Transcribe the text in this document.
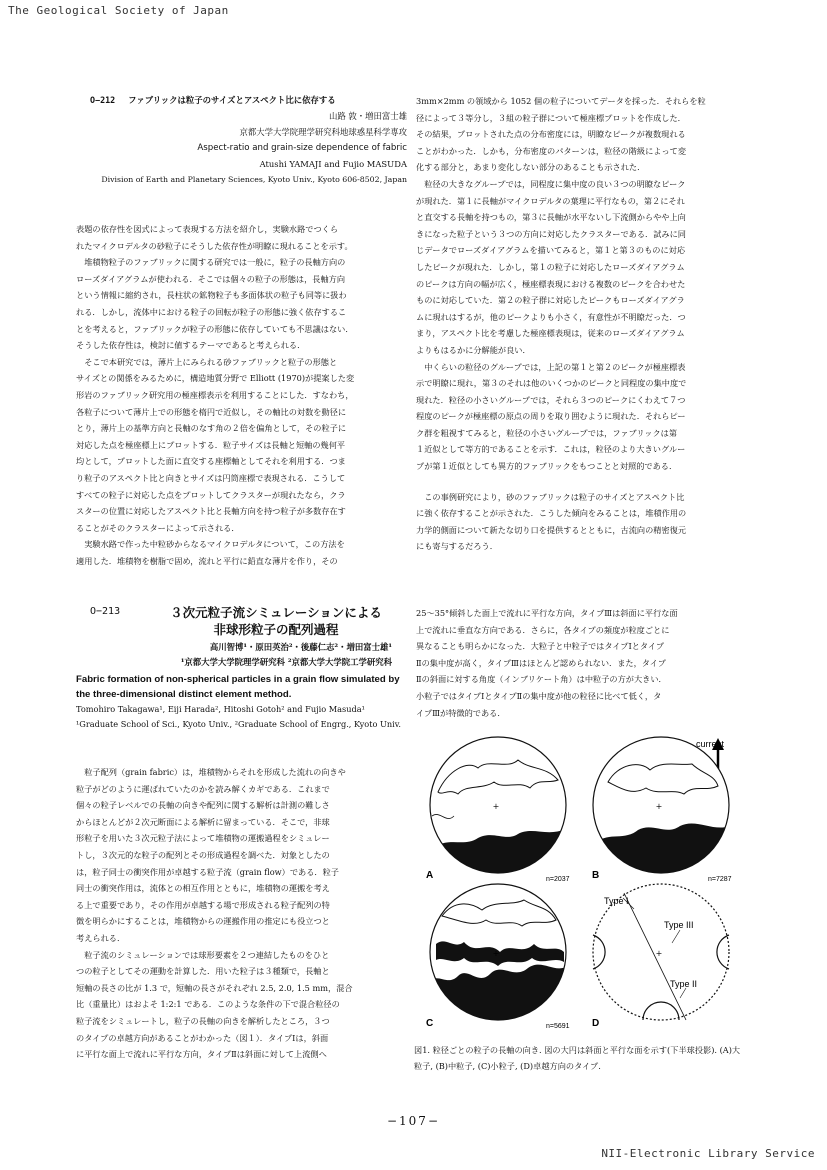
The Geological Society of Japan
O−212 ファブリックは粒子のサイズとアスペクト比に依存する
山路 敦・増田富士雄
京都大学大学院理学研究科地球惑星科学専攻
Aspect-ratio and grain-size dependence of fabric
Atushi YAMAJI and Fujio MASUDA
Division of Earth and Planetary Sciences, Kyoto Univ., Kyoto 606-8502, Japan

表題の依存性を図式によって表現する方法を紹介し，実験水路でつくら

れたマイクロデルタの砂粒子にそうした依存性が明瞭に現れることを示す。

　堆積物粒子のファブリックに関する研究では一般に，粒子の長軸方向の

ローズダイアグラムが使われる．そこでは個々の粒子の形態は，長軸方向

という情報に縮約され，長柱状の鉱物粒子も多面体状の粒子も同等に扱わ

れる．しかし，流体中における粒子の回転が粒子の形態に強く依存するこ

とを考えると，ファブリックが粒子の形態に依存していても不思議はない．

そうした依存性は，検討に値するテーマであると考えられる．

　そこで本研究では，薄片上にみられる砂ファブリックと粒子の形態と

サイズとの関係をみるために，構造地質分野で Elliott (1970)が提案した変

形岩のファブリック研究用の極座標表示を利用することにした．すなわち，

各粒子について薄片上での形態を楕円で近似し，その軸比の対数を動径に

とり，薄片上の基準方向と長軸のなす角の２倍を偏角として，その粒子に

対応した点を極座標上にプロットする．粒子サイズは長軸と短軸の幾何平

均として，プロットした面に直交する座標軸としてそれを利用する．つま

り粒子のアスペクト比と向きとサイズは円筒座標で表現される．こうして

すべての粒子に対応した点をプロットしてクラスターが現れたなら，クラ

スターの位置に対応したアスペクト比と長軸方向を持つ粒子が多数存在す

ることがそのクラスターによって示される．

　実験水路で作った中粒砂からなるマイクロデルタについて，この方法を

適用した．堆積物を樹脂で固め，流れと平行に鉛直な薄片を作り，その

3mm×2mm の領域から 1052 個の粒子についてデータを採った．それらを粒

径によって３等分し，３組の粒子群について極座標プロットを作成した．

その結果，プロットされた点の分布密度には，明瞭なピークが複数現れる

ことがわかった．しかも，分布密度のパターンは，粒径の階級によって変

化する部分と，あまり変化しない部分のあることも示された．

　粒径の大きなグループでは，同程度に集中度の良い３つの明瞭なピーク

が現れた．第１に長軸がマイクロデルタの葉理に平行なもの，第２にそれ

と直交する長軸を持つもの，第３に長軸が水平ないし下流側からやや上向

きになった粒子という３つの方向に対応したクラスターである．試みに同

じデータでローズダイアグラムを描いてみると，第１と第３のものに対応

したピークが現れた．しかし，第１の粒子に対応したローズダイアグラム

のピークは方向の幅が広く，極座標表現における複数のピークを合わせた

ものに対応していた．第２の粒子群に対応したピークもローズダイアグラ

ムに現れはするが，他のピークよりも小さく，有意性が不明瞭だった．つ

まり，アスペクト比を考慮した極座標表現は，従来のローズダイアグラム

よりもはるかに分解能が良い．

　中くらいの粒径のグループでは，上記の第１と第２のピークが極座標表

示で明瞭に現れ，第３のそれは他のいくつかのピークと同程度の集中度で

現れた．粒径の小さいグループでは，それら３つのピークにくわえて７つ

程度のピークが極座標の原点の周りを取り囲むように現れた．それらピー

ク群を粗視すてみると，粒径の小さいグループでは，ファブリックは第

１近似として等方的であることを示す．これは，粒径のより大きいグルー

プが第１近似としても異方的ファブリックをもつことと対照的である．

　この事例研究により，砂のファブリックは粒子のサイズとアスペクト比

に強く依存することが示された．こうした傾向をみることは，堆積作用の

力学的側面について新たな切り口を提供するとともに，古流向の精密復元

にも寄与するだろう．

O−213	３次元粒子流シミュレーションによる
非球形粒子の配列過程
高川智博¹・原田英治²・後藤仁志²・増田富士雄¹
¹京都大学大学院理学研究科 ²京都大学大学院工学研究科
Fabric formation of non-spherical particles in a grain flow simulated by the three-dimensional distinct element method.
Tomohiro Takagawa¹, Eiji Harada², Hitoshi Gotoh² and Fujio Masuda¹
¹Graduate School of Sci., Kyoto Univ., ²Graduate School of Engrg., Kyoto Univ.

　粒子配列（grain fabric）は，堆積物からそれを形成した流れの向きや

粒子がどのように運ばれていたのかを読み解くカギである．これまで

個々の粒子レベルでの長軸の向きや配列に関する解析は計測の難しさ

からほとんどが２次元断面による解析に留まっている．そこで，非球

形粒子を用いた３次元粒子法によって堆積物の運搬過程をシミュレー

トし，３次元的な粒子の配列とその形成過程を調べた．対象としたの

は，粒子同士の衝突作用が卓越する粒子流（grain flow）である．粒子

同士の衝突作用は，流体との相互作用とともに，堆積物の運搬を考え

る上で重要であり，その作用が卓越する場で形成される粒子配列の特

徴を明らかにすることは，堆積物からの運搬作用の推定にも役立つと

考えられる．

　粒子流のシミュレーションでは球形要素を２つ連結したものをひと

つの粒子としてその運動を計算した．用いた粒子は３種類で，長軸と

短軸の長さの比が 1.3 で，短軸の長さがそれぞれ 2.5, 2.0, 1.5 mm，混合

比（重量比）はおよそ 1:2:1 である．このような条件の下で混合粒径の

粒子流をシミュレートし，粒子の長軸の向きを解析したところ，３つ

のタイプの卓越方向があることがわかった（図１）．タイプⅠは，斜面

に平行な面上で流れに平行な方向，タイプⅡは斜面に対して上流側へ

25〜35°傾斜した面上で流れに平行な方向，タイプⅢは斜面に平行な面

上で流れに垂直な方向である．さらに，各タイプの頻度が粒度ごとに

異なることも明らかになった．大粒子と中粒子ではタイプⅠとタイプ

Ⅱの集中度が高く，タイプⅢはほとんど認められない．また，タイプ

Ⅱの斜面に対する角度（インブリケート角）は中粒子の方が大きい．

小粒子ではタイプⅠとタイプⅡの集中度が他の粒径に比べて低く，タ

イプⅢが特徴的である．

current
+	+
+	+
Type I
Type III
Type II
A	n=2037 B	n=7287
C	n=5691 D
図1. 粒径ごとの粒子の長軸の向き. 図の大円は斜面と平行な面を示す(下半球投影). (A)大粒子, (B)中粒子, (C)小粒子, (D)卓越方向のタイプ.
−107−
NII-Electronic Library Service
